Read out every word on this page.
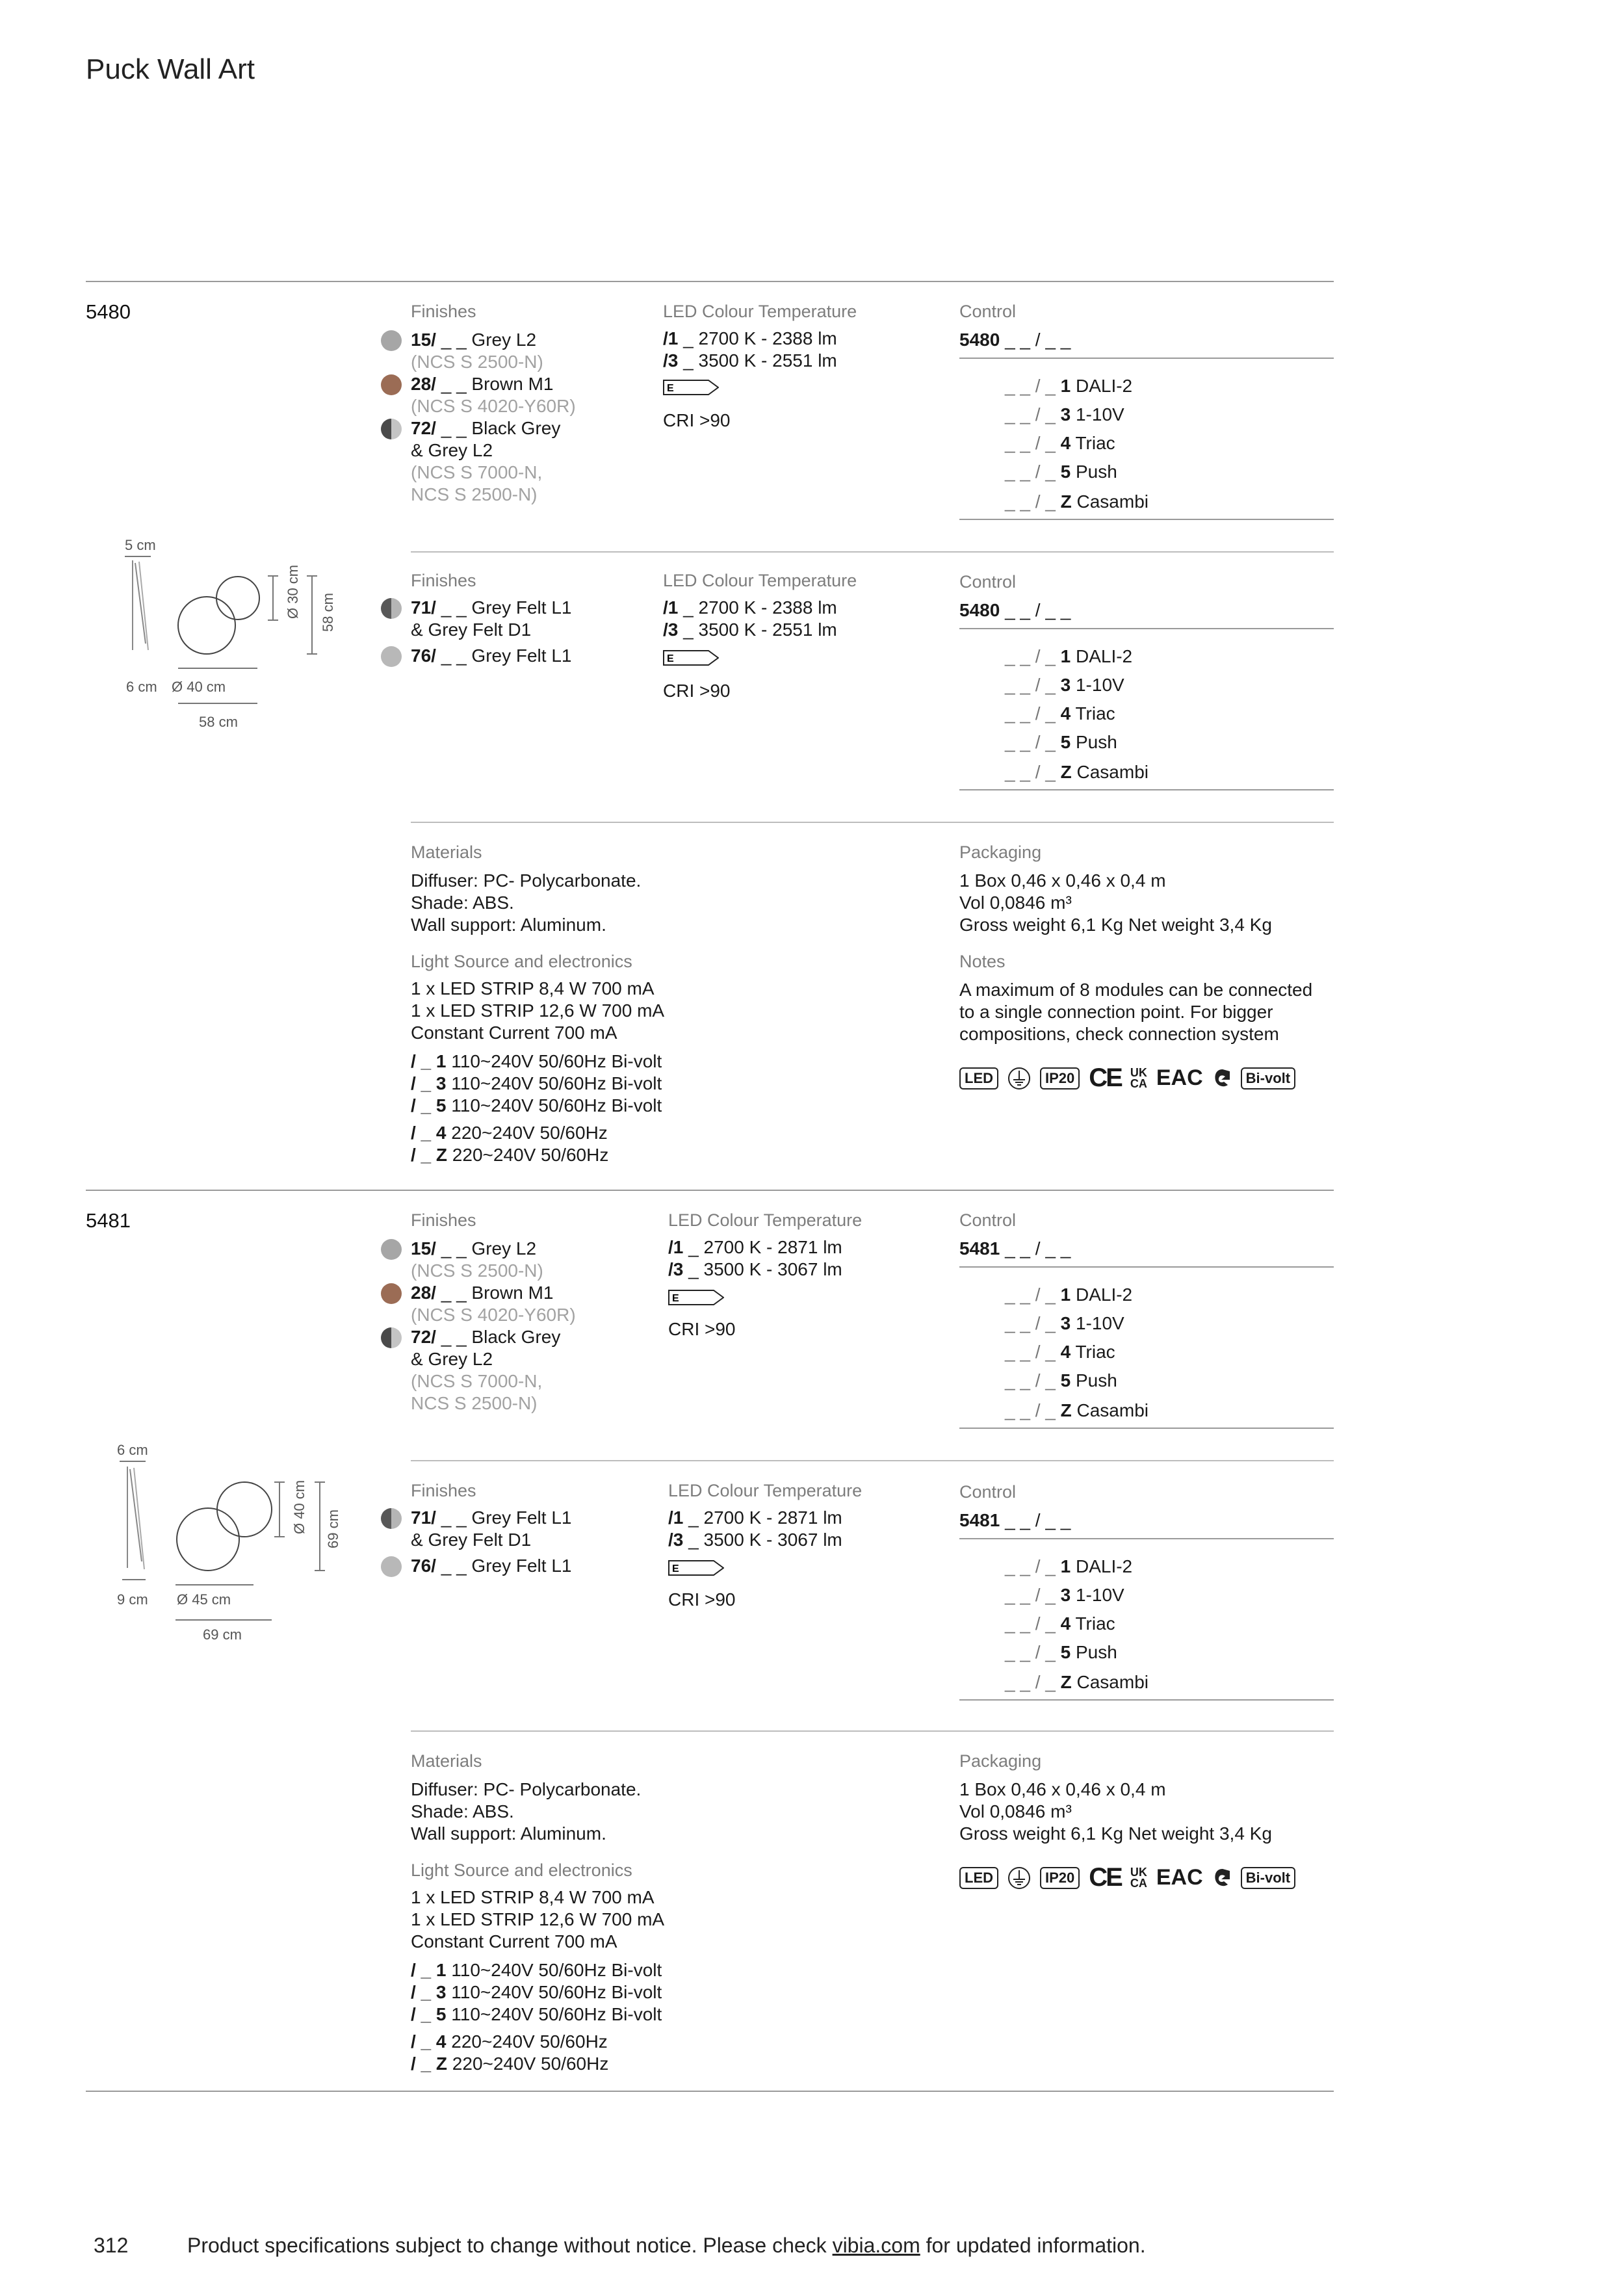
Puck Wall Art
5480	Finishes
15/ _ _ Grey L2
(NCS S 2500-N)
28/ _ _ Brown M1
(NCS S 4020-Y60R)
72/ _ _ Black Grey
& Grey L2
(NCS S 7000-N,
NCS S 2500-N)
LED Colour Temperature
/1 _ 2700 K - 2388 lm
/3 _ 3500 K - 2551 lm
E
CRI >90
Control
5480 _ _ / _ _
_ _ / _ 1 DALI-2
_ _ / _ 3 1-10V
_ _ / _ 4 Triac
_ _ / _ 5 Push
_ _ / _ Z Casambi
5 cm
Ø 30 cm 58 cm
6 cm Ø 40 cm
58 cm
Finishes
71/ _ _ Grey Felt L1
& Grey Felt D1
76/ _ _ Grey Felt L1
LED Colour Temperature
/1 _ 2700 K - 2388 lm
/3 _ 3500 K - 2551 lm
E
CRI >90
Control
5480 _ _ / _ _
_ _ / _ 1 DALI-2
_ _ / _ 3 1-10V
_ _ / _ 4 Triac
_ _ / _ 5 Push
_ _ / _ Z Casambi
Materials
Diffuser: PC- Polycarbonate.
Shade: ABS.
Wall support: Aluminum.
Light Source and electronics
1 x LED STRIP 8,4 W 700 mA
1 x LED STRIP 12,6 W 700 mA
Constant Current 700 mA
/ _ 1 110~240V 50/60Hz Bi-volt
/ _ 3 110~240V 50/60Hz Bi-volt
/ _ 5 110~240V 50/60Hz Bi-volt
/ _ 4 220~240V 50/60Hz
/ _ Z 220~240V 50/60Hz
Packaging
1 Box 0,46 x 0,46 x 0,4 m
Vol 0,0846 m³
Gross weight 6,1 Kg Net weight 3,4 Kg
Notes
A maximum of 8 modules can be connected
to a single connection point. For bigger
compositions, check connection system
LED	IP20 CE UK
CA EAC	Bi-volt
5481	Finishes
15/ _ _ Grey L2
(NCS S 2500-N)
28/ _ _ Brown M1
(NCS S 4020-Y60R)
72/ _ _ Black Grey
& Grey L2
(NCS S 7000-N,
NCS S 2500-N)
LED Colour Temperature
/1 _ 2700 K - 2871 lm
/3 _ 3500 K - 3067 lm
E
CRI >90
Control
5481 _ _ / _ _
_ _ / _ 1 DALI-2
_ _ / _ 3 1-10V
_ _ / _ 4 Triac
_ _ / _ 5 Push
_ _ / _ Z Casambi
6 cm
Ø 40 cm 69 cm
9 cm Ø 45 cm
69 cm
Finishes
71/ _ _ Grey Felt L1
& Grey Felt D1
76/ _ _ Grey Felt L1
LED Colour Temperature
/1 _ 2700 K - 2871 lm
/3 _ 3500 K - 3067 lm
E
CRI >90
Control
5481 _ _ / _ _
_ _ / _ 1 DALI-2
_ _ / _ 3 1-10V
_ _ / _ 4 Triac
_ _ / _ 5 Push
_ _ / _ Z Casambi
Materials
Diffuser: PC- Polycarbonate.
Shade: ABS.
Wall support: Aluminum.
Light Source and electronics
1 x LED STRIP 8,4 W 700 mA
1 x LED STRIP 12,6 W 700 mA
Constant Current 700 mA
/ _ 1 110~240V 50/60Hz Bi-volt
/ _ 3 110~240V 50/60Hz Bi-volt
/ _ 5 110~240V 50/60Hz Bi-volt
/ _ 4 220~240V 50/60Hz
/ _ Z 220~240V 50/60Hz
Packaging
1 Box 0,46 x 0,46 x 0,4 m
Vol 0,0846 m³
Gross weight 6,1 Kg Net weight 3,4 Kg
LED	IP20 CE UK
CA EAC	Bi-volt
312	Product specifications subject to change without notice. Please check vibia.com for updated information.
